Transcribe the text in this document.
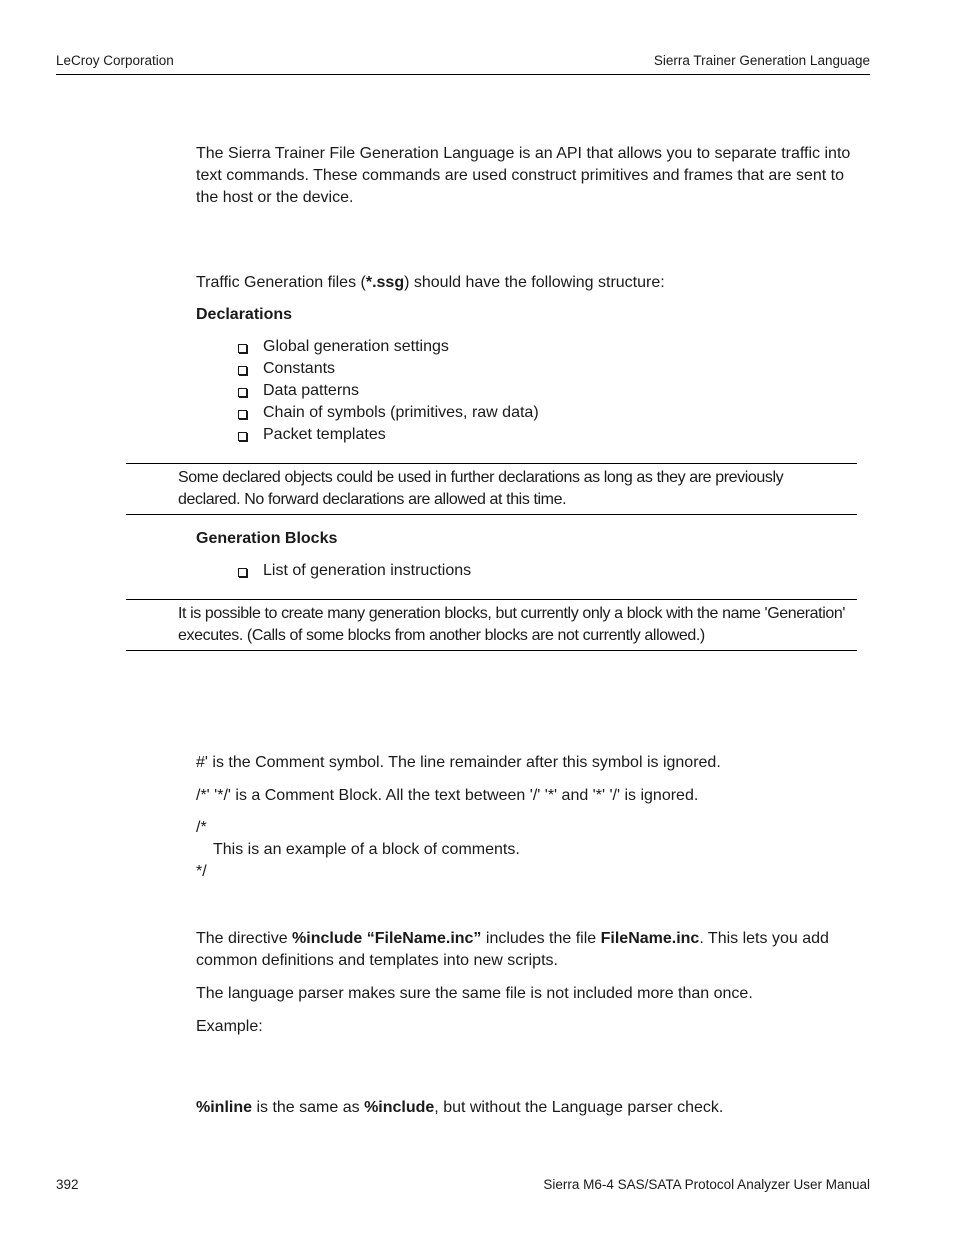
LeCroy Corporation	Sierra Trainer Generation Language
The Sierra Trainer File Generation Language is an API that allows you to separate traffic into text commands. These commands are used construct primitives and frames that are sent to the host or the device.
Traffic Generation files (*.ssg) should have the following structure:
Declarations
Global generation settings
Constants
Data patterns
Chain of symbols (primitives, raw data)
Packet templates
Some declared objects could be used in further declarations as long as they are previously declared. No forward declarations are allowed at this time.
Generation Blocks
List of generation instructions
It is possible to create many generation blocks, but currently only a block with the name 'Generation' executes. (Calls of some blocks from another blocks are not currently allowed.)
#' is the Comment symbol. The line remainder after this symbol is ignored.
/*' '*/' is a Comment Block. All the text between '/' '*' and '*' '/' is ignored.
/*
This is an example of a block of comments.
*/
The directive %include “FileName.inc” includes the file FileName.inc. This lets you add common definitions and templates into new scripts.
The language parser makes sure the same file is not included more than once.
Example:
%inline is the same as %include, but without the Language parser check.
392	Sierra M6-4 SAS/SATA Protocol Analyzer User Manual
